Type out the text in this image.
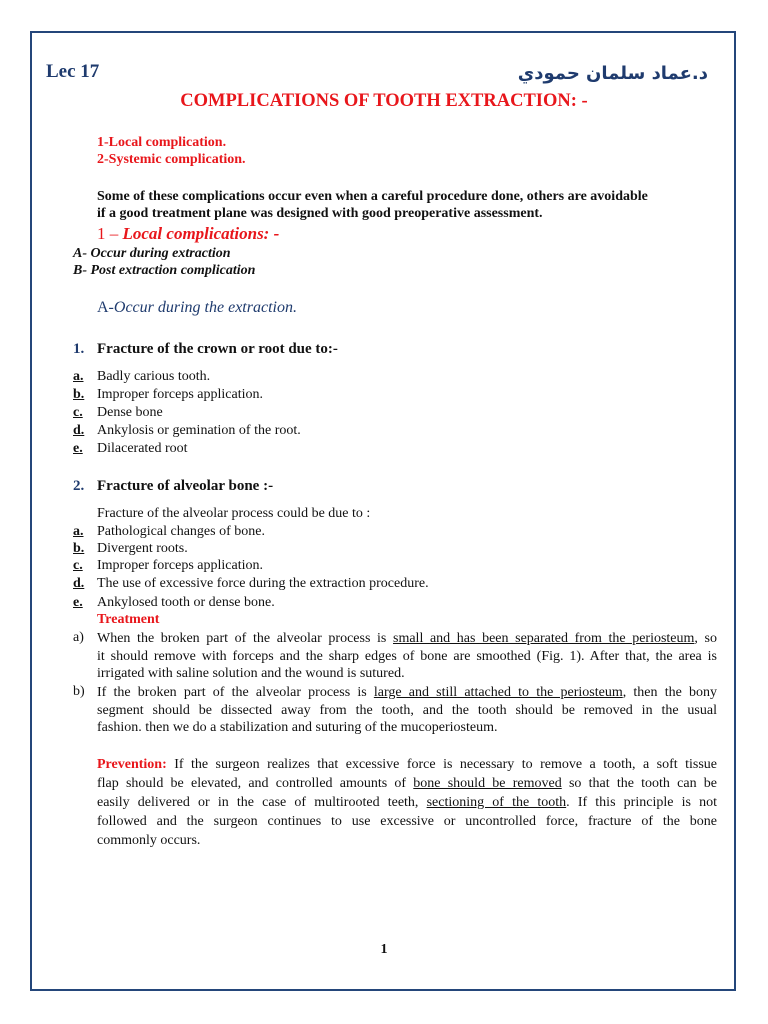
Lec 17	د.عماد سلمان حمودي
COMPLICATIONS OF TOOTH EXTRACTION: -
1-Local complication.
2-Systemic complication.
Some of these complications occur even when a careful procedure done, others are avoidable
if a good treatment plane was designed with good preoperative assessment.
1 – Local complications: -
A- Occur during extraction
B- Post extraction complication
A-Occur during the extraction.
1. Fracture of the crown or root due to:-
a. Badly carious tooth.
b. Improper forceps application.
c. Dense bone
d. Ankylosis or gemination of the root.
e. Dilacerated root
2. Fracture of alveolar bone :-
Fracture of the alveolar process could be due to :
a. Pathological changes of bone.
b. Divergent roots.
c. Improper forceps application.
d. The use of excessive force during the extraction procedure.
e. Ankylosed tooth or dense bone.
Treatment
a) When the broken part of the alveolar process is small and has been separated from the periosteum, so
it should remove with forceps and the sharp edges of bone are smoothed (Fig. 1). After that, the area is
irrigated with saline solution and the wound is sutured.
b) If the broken part of the alveolar process is large and still attached to the periosteum, then the bony
segment should be dissected away from the tooth, and the tooth should be removed in the usual
fashion. then we do a stabilization and suturing of the mucoperiosteum.
Prevention: If the surgeon realizes that excessive force is necessary to remove a tooth, a soft tissue
flap should be elevated, and controlled amounts of bone should be removed so that the tooth can be
easily delivered or in the case of multirooted teeth, sectioning of the tooth. If this principle is not
followed and the surgeon continues to use excessive or uncontrolled force, fracture of the bone
commonly occurs.
1
